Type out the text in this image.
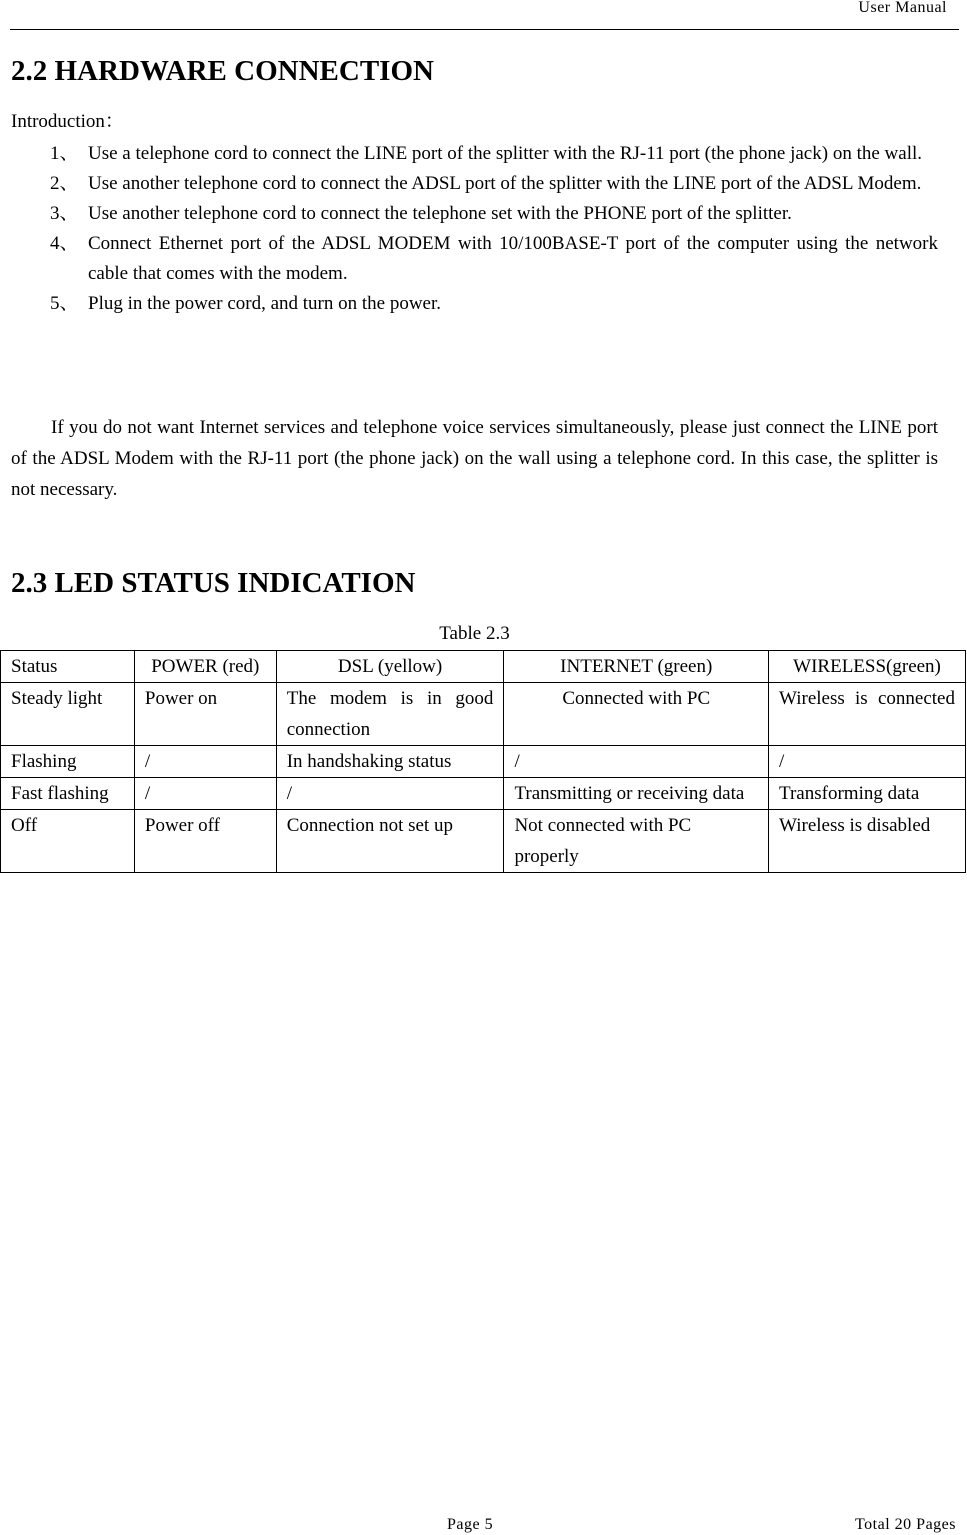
User Manual
2.2 HARDWARE CONNECTION
Introduction：
1、 Use a telephone cord to connect the LINE port of the splitter with the RJ-11 port (the phone jack) on the wall.
2、 Use another telephone cord to connect the ADSL port of the splitter with the LINE port of the ADSL Modem.
3、 Use another telephone cord to connect the telephone set with the PHONE port of the splitter.
4、 Connect Ethernet port of the ADSL MODEM with 10/100BASE-T port of the computer using the network cable that comes with the modem.
5、 Plug in the power cord, and turn on the power.

If you do not want Internet services and telephone voice services simultaneously, please just connect the LINE port of the ADSL Modem with the RJ-11 port (the phone jack) on the wall using a telephone cord. In this case, the splitter is not necessary.

2.3 LED STATUS INDICATION
Table 2.3
Status	POWER (red)	DSL (yellow)	INTERNET (green)	WIRELESS(green)
Steady light	Power on	The modem is in good connection	Connected with PC	Wireless is connected
Flashing	/	In handshaking status	/	/
Fast flashing	/	/	Transmitting or receiving data	Transforming data
Off	Power off	Connection not set up	Not connected with PC properly	Wireless is disabled
Page 5	Total 20 Pages
